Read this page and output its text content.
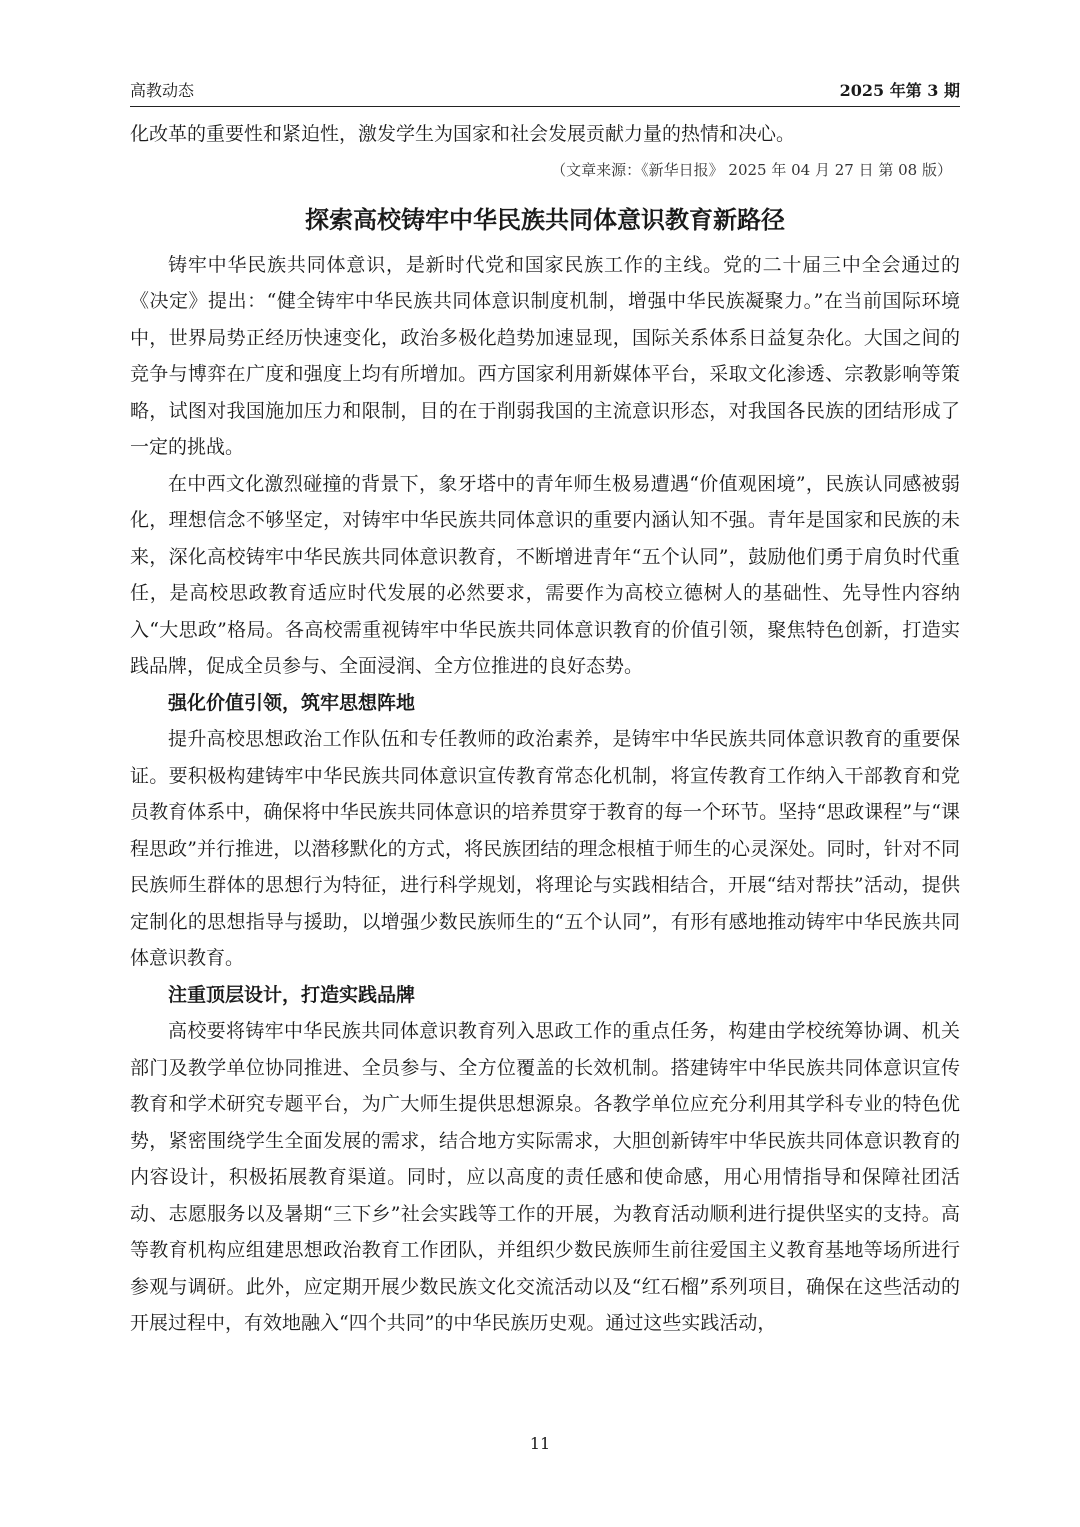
高教动态	2025 年第 3 期

化改革的重要性和紧迫性，激发学生为国家和社会发展贡献力量的热情和决心。

（文章来源：《新华日报》 2025 年 04 月 27 日 第 08 版）

探索高校铸牢中华民族共同体意识教育新路径

铸牢中华民族共同体意识，是新时代党和国家民族工作的主线。党的二十届三中全会通过的《决定》提出：“健全铸牢中华民族共同体意识制度机制，增强中华民族凝聚力。”在当前国际环境中，世界局势正经历快速变化，政治多极化趋势加速显现，国际关系体系日益复杂化。大国之间的竞争与博弈在广度和强度上均有所增加。西方国家利用新媒体平台，采取文化渗透、宗教影响等策略，试图对我国施加压力和限制，目的在于削弱我国的主流意识形态，对我国各民族的团结形成了一定的挑战。

在中西文化激烈碰撞的背景下，象牙塔中的青年师生极易遭遇“价值观困境”，民族认同感被弱化，理想信念不够坚定，对铸牢中华民族共同体意识的重要内涵认知不强。青年是国家和民族的未来，深化高校铸牢中华民族共同体意识教育，不断增进青年“五个认同”，鼓励他们勇于肩负时代重任，是高校思政教育适应时代发展的必然要求，需要作为高校立德树人的基础性、先导性内容纳入“大思政”格局。各高校需重视铸牢中华民族共同体意识教育的价值引领，聚焦特色创新，打造实践品牌，促成全员参与、全面浸润、全方位推进的良好态势。

强化价值引领，筑牢思想阵地

提升高校思想政治工作队伍和专任教师的政治素养，是铸牢中华民族共同体意识教育的重要保证。要积极构建铸牢中华民族共同体意识宣传教育常态化机制，将宣传教育工作纳入干部教育和党员教育体系中，确保将中华民族共同体意识的培养贯穿于教育的每一个环节。坚持“思政课程”与“课程思政”并行推进，以潜移默化的方式，将民族团结的理念根植于师生的心灵深处。同时，针对不同民族师生群体的思想行为特征，进行科学规划，将理论与实践相结合，开展“结对帮扶”活动，提供定制化的思想指导与援助，以增强少数民族师生的“五个认同”，有形有感地推动铸牢中华民族共同体意识教育。

注重顶层设计，打造实践品牌

高校要将铸牢中华民族共同体意识教育列入思政工作的重点任务，构建由学校统筹协调、机关部门及教学单位协同推进、全员参与、全方位覆盖的长效机制。搭建铸牢中华民族共同体意识宣传教育和学术研究专题平台，为广大师生提供思想源泉。各教学单位应充分利用其学科专业的特色优势，紧密围绕学生全面发展的需求，结合地方实际需求，大胆创新铸牢中华民族共同体意识教育的内容设计，积极拓展教育渠道。同时，应以高度的责任感和使命感，用心用情指导和保障社团活动、志愿服务以及暑期“三下乡”社会实践等工作的开展，为教育活动顺利进行提供坚实的支持。高等教育机构应组建思想政治教育工作团队，并组织少数民族师生前往爱国主义教育基地等场所进行参观与调研。此外，应定期开展少数民族文化交流活动以及“红石榴”系列项目，确保在这些活动的开展过程中，有效地融入“四个共同”的中华民族历史观。通过这些实践活动，

11
